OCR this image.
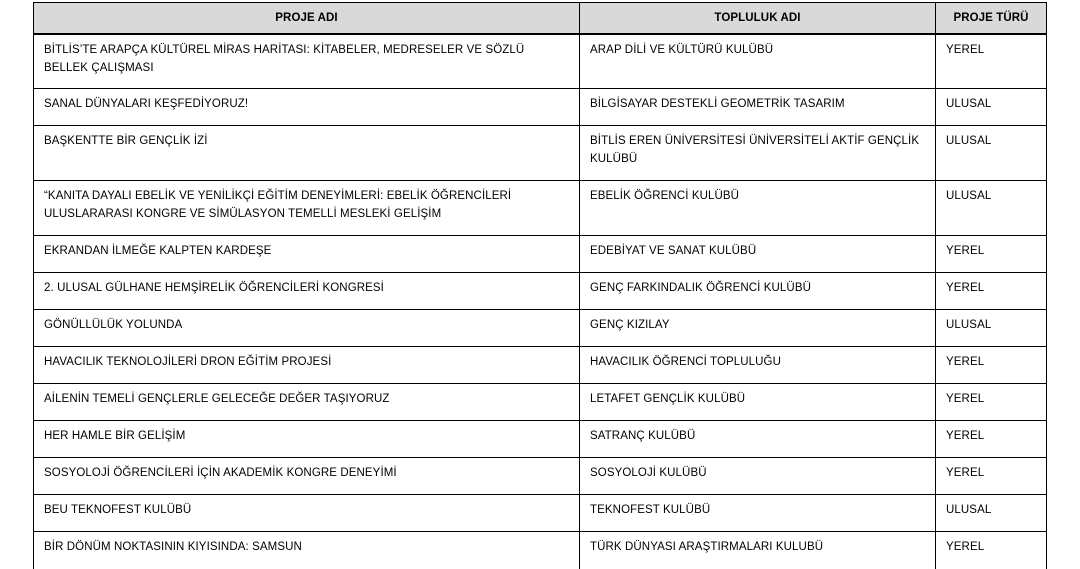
PROJE ADI	TOPLULUK ADI	PROJE TÜRÜ
BİTLİS’TE ARAPÇA KÜLTÜREL MİRAS HARİTASI: KİTABELER, MEDRESELER VE SÖZLÜ BELLEK ÇALIŞMASI	ARAP DİLİ VE KÜLTÜRÜ KULÜBÜ	YEREL
SANAL DÜNYALARI KEŞFEDİYORUZ!	BİLGİSAYAR DESTEKLİ GEOMETRİK TASARIM	ULUSAL
BAŞKENTTE BİR GENÇLİK İZİ	BİTLİS EREN ÜNİVERSİTESİ ÜNİVERSİTELİ AKTİF GENÇLİK KULÜBÜ	ULUSAL
“KANITA DAYALI EBELİK VE YENİLİKÇİ EĞİTİM DENEYİMLERİ: EBELİK ÖĞRENCİLERİ ULUSLARARASI KONGRE VE SİMÜLASYON TEMELLİ MESLEKİ GELİŞİM	EBELİK ÖĞRENCİ KULÜBÜ	ULUSAL
EKRANDAN İLMEĞE KALPTEN KARDEŞE	EDEBİYAT VE SANAT KULÜBÜ	YEREL
2. ULUSAL GÜLHANE HEMŞİRELİK ÖĞRENCİLERİ KONGRESİ	GENÇ FARKINDALIK ÖĞRENCİ KULÜBÜ	YEREL
GÖNÜLLÜLÜK YOLUNDA	GENÇ KIZILAY	ULUSAL
HAVACILIK TEKNOLOJİLERİ DRON EĞİTİM PROJESİ	HAVACILIK ÖĞRENCİ TOPLULUĞU	YEREL
AİLENİN TEMELİ GENÇLERLE GELECEĞE DEĞER TAŞIYORUZ	LETAFET GENÇLİK KULÜBÜ	YEREL
HER HAMLE BİR GELİŞİM	SATRANÇ KULÜBÜ	YEREL
SOSYOLOJİ ÖĞRENCİLERİ İÇİN AKADEMİK KONGRE DENEYİMİ	SOSYOLOJİ KULÜBÜ	YEREL
BEU TEKNOFEST KULÜBÜ	TEKNOFEST KULÜBÜ	ULUSAL
BİR DÖNÜM NOKTASININ KIYISINDA: SAMSUN	TÜRK DÜNYASI ARAŞTIRMALARI KULUBÜ	YEREL
